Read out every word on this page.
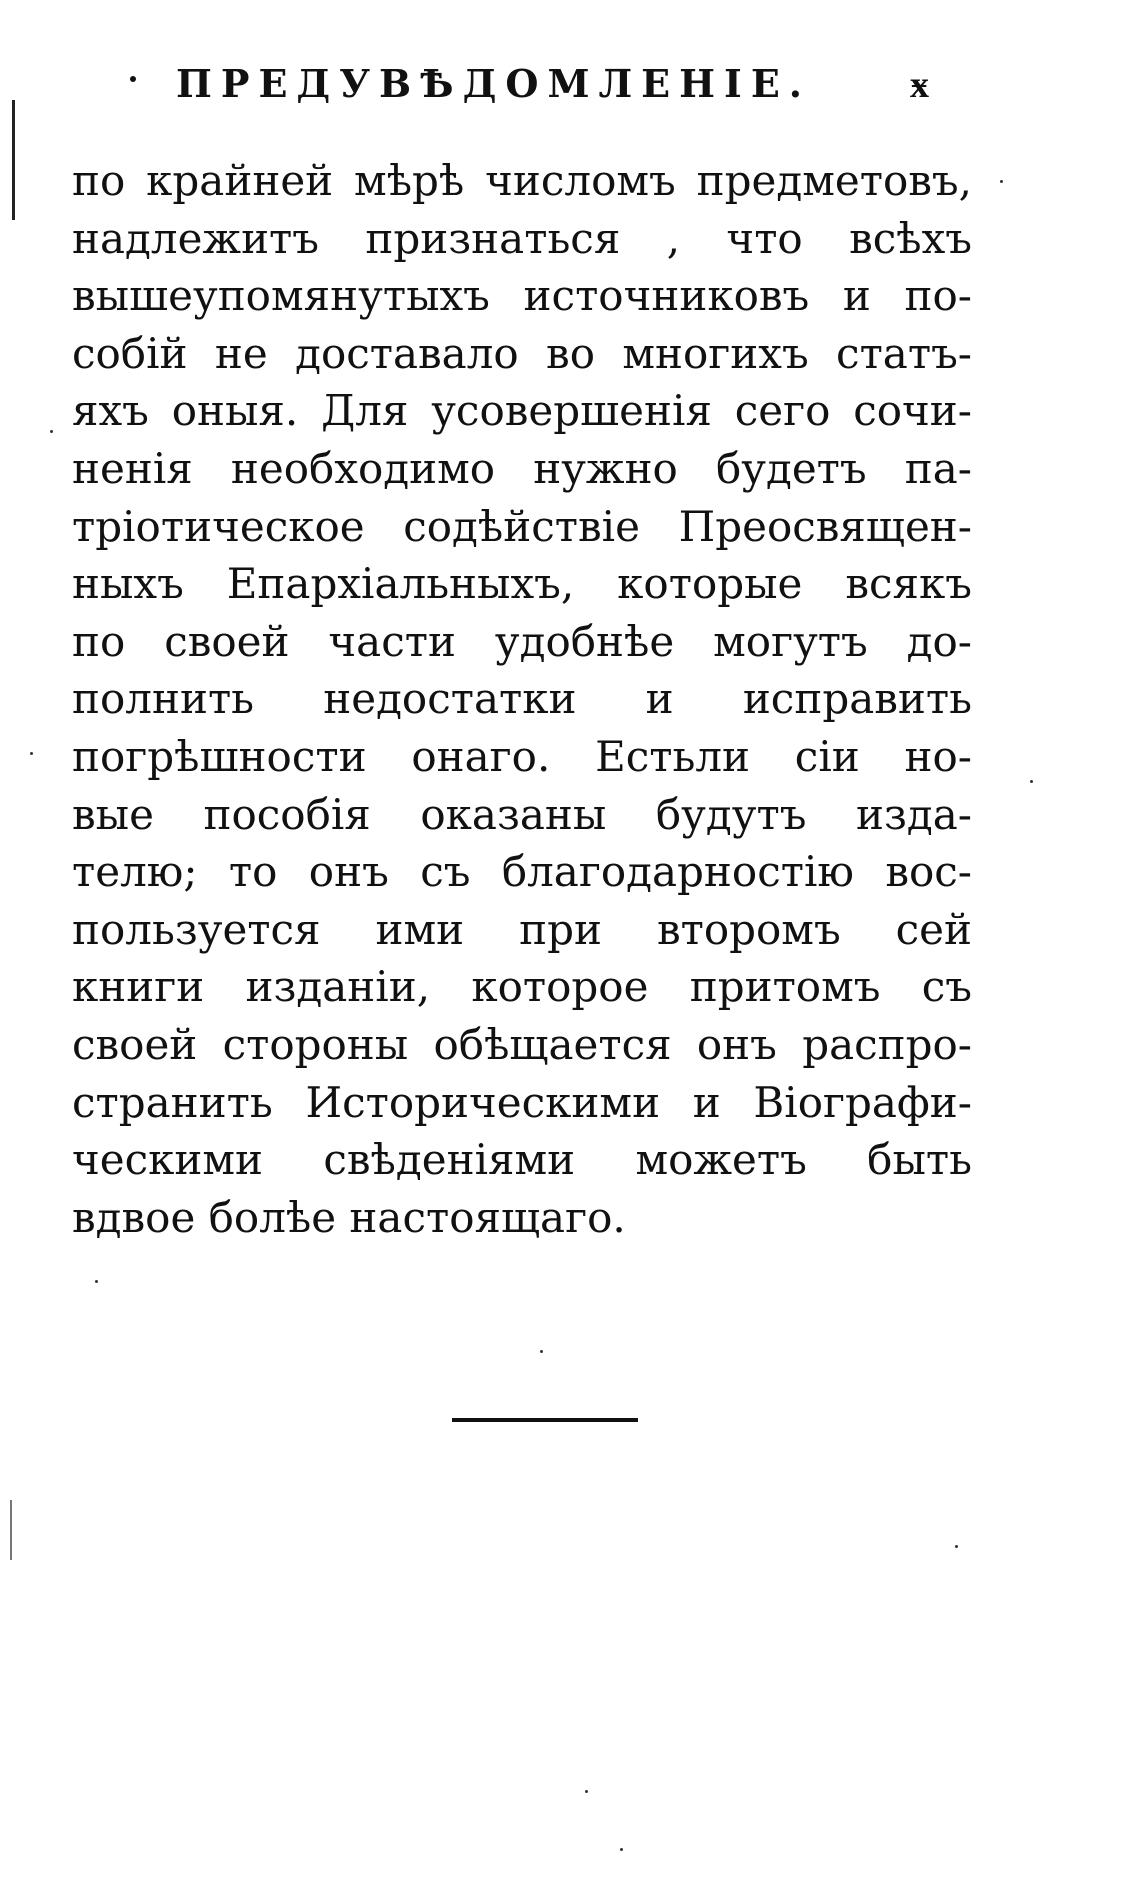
ПРЕДУВѢДОМЛЕНІЕ.	ӿ
по крайней мѣрѣ числомъ предметовъ,
надлежитъ признаться , что всѣхъ
вышеупомянутыхъ источниковъ и по-
собій не доставало во многихъ статъ-
яхъ оныя. Для усовершенія сего сочи-
ненія необходимо нужно будетъ па-
тріотическое содѣйствіе Преосвящен-
ныхъ Епархіальныхъ, которые всякъ
по своей части удобнѣе могутъ до-
полнить недостатки и исправить
погрѣшности онаго. Естьли сіи но-
вые пособія оказаны будутъ изда-
телю; то онъ съ благодарностію вос-
пользуется ими при второмъ сей
книги изданіи, которое притомъ съ
своей стороны обѣщается онъ распро-
странить Историческими и Віографи-
ческими свѣденіями можетъ быть
вдвое болѣе настоящаго.
